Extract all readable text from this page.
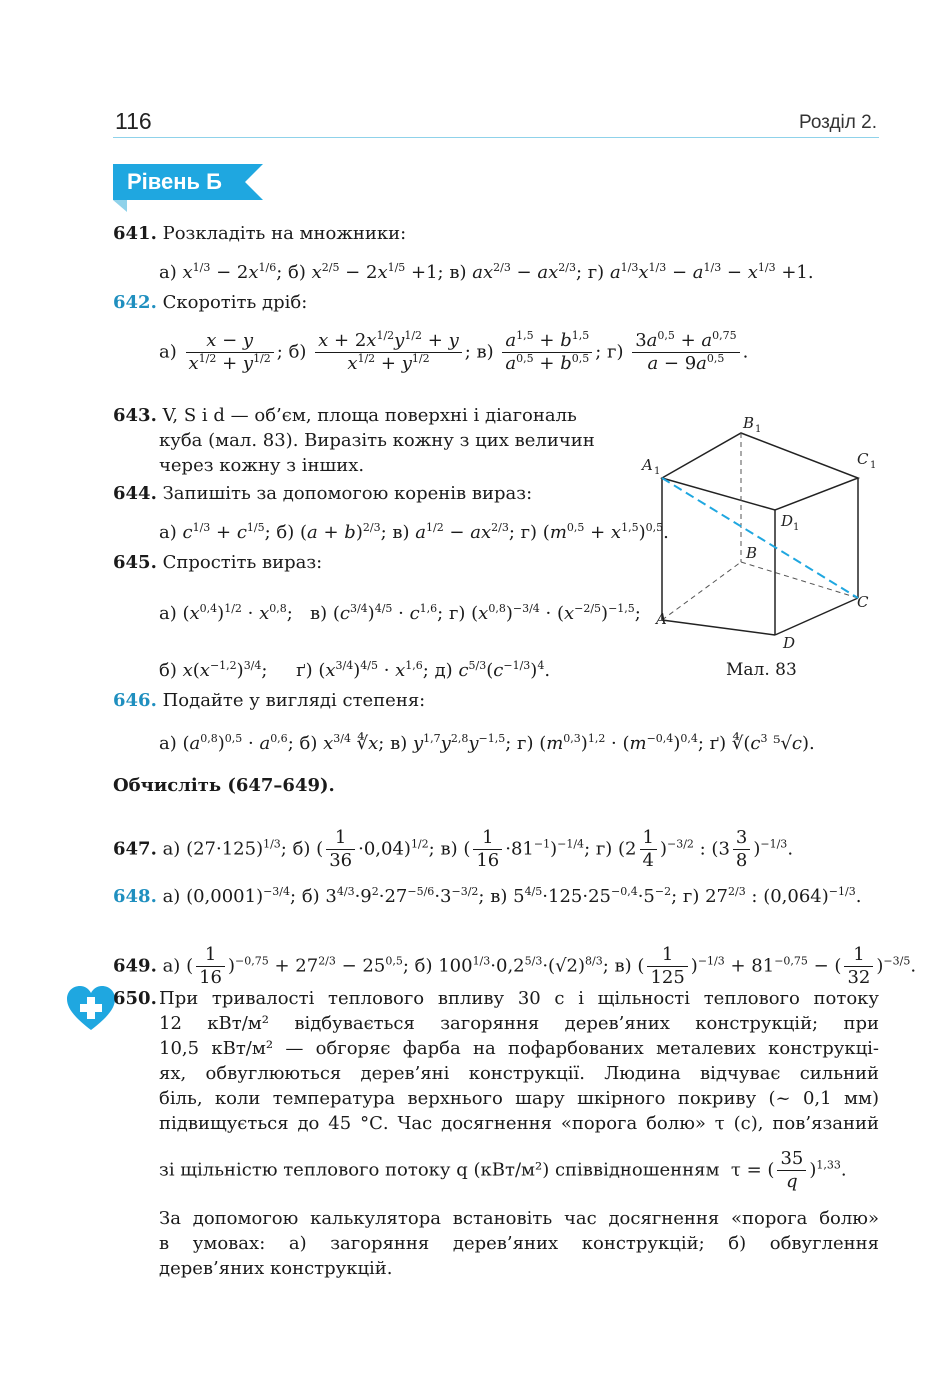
116	Розділ 2.
Рівень Б
641. Розкладіть на множники:
а) $x^{1/3} - 2x^{1/6}$; б) $x^{2/5} - 2x^{1/5} +1$; в) $ax^{2/3} - ax^{2/3}$; г) $a^{1/3}x^{1/3} - a^{1/3} - x^{1/3} +1$.
642. Скоротіть дріб:
$а) \frac{x - y}{x^{1/2} + y^{1/2}}$ ; $б) \frac{x + 2x^{1/2}y^{1/2} + y}{x^{1/2} + y^{1/2}}$ ; $в) \frac{a^{1,5} + b^{1,5}}{a^{0,5} + b^{0,5}}$ ; $г) \frac{3a^{0,5} + a^{0,75}}{a - 9a^{0,5}}$ .
643. V, S і d — об’єм, площа поверхні і діагональ
куба (мал. 83). Виразіть кожну з цих величин
через кожну з інших.
644. Запишіть за допомогою коренів вираз:
а) $c^{1/3} + c^{1/5}$; б) $(a + b)^{2/3}$; в) $a^{1/2} - ax^{2/3}$; г) $(m^{0,5} + x^{1,5})^{0,5}$.
645. Спростіть вираз:
а) $(x^{0,4})^{1/2} \cdot x^{0,8}$;   в) $(c^{3/4})^{4/5} \cdot c^{1,6}$; г) $(x^{0,8})^{-3/4} \cdot (x^{-2/5})^{-1,5}$;
б) $x(x^{-1,2})^{3/4}$;     ґ) $(x^{3/4})^{4/5} \cdot x^{1,6}$; д) $c^{5/3}(c^{-1/3})^4$.
A 1
B 1
C 1
D 1
B
C
A
D
Мал. 83
646. Подайте у вигляді степеня:
а) $(a^{0,8})^{0,5} \cdot a^{0,6}$; б) $x^{3/4}$ ∜x; в) $y^{1,7}y^{2,8}y^{-1,5}$; г) $(m^{0,3})^{1,2} \cdot (m^{-0,4})^{0,4}$; ґ) $∜(c^3$ ⁵√c).
Обчисліть (647–649).
647. а) $(27\cdot 125)^{1/3}$; б) ( $\frac{1}{36} \cdot 0,04)^{1/2}$; в) ( $\frac{1}{16} \cdot 81^{-1})^{-1/4}$; г) $(2 \frac{1}{4} )^{-3/2}$ : $(3 \frac{3}{8} )^{-1/3}$.
648. а) $(0,0001)^{-3/4}$; б) $3^{4/3}\cdot 9^2\cdot 27^{-5/6}\cdot 3^{-3/2}$; в) $5^{4/5}\cdot 125\cdot 25^{-0,4}\cdot 5^{-2}$; г) $27^{2/3}$ : $(0,064)^{-1/3}$.
649. а) ( $\frac{1}{16} )^{-0,75} + 27^{2/3} - 25^{0,5}$; б) $100^{1/3}\cdot 0,2^{5/3}\cdot(√2)^{8/3}$; в) ( $\frac{1}{125} )^{-1/3} + 81^{-0,75}$ − ( $\frac{1}{32} )^{-3/5}$.
650. При тривалості теплового впливу 30 с і щільності теплового потоку
12 кВт/м² відбувається загоряння дерев’яних конструкцій; при
10,5 кВт/м² — обгоряє фарба на пофарбованих металевих конструкці-
ях, обвуглюються дерев’яні конструкції. Людина відчуває сильний
біль, коли температура верхнього шару шкірного покриву (~ 0,1 мм)
підвищується до 45 °С. Час досягнення «порога болю» τ (с), пов’язаний
зі щільністю теплового потоку q (кВт/м²) співвідношенням  τ = ( $\frac{35}{q} )^{1,33}$.
За допомогою калькулятора встановіть час досягнення «порога болю»
в умовах: а) загоряння дерев’яних конструкцій; б) обвуглення
дерев’яних конструкцій.
